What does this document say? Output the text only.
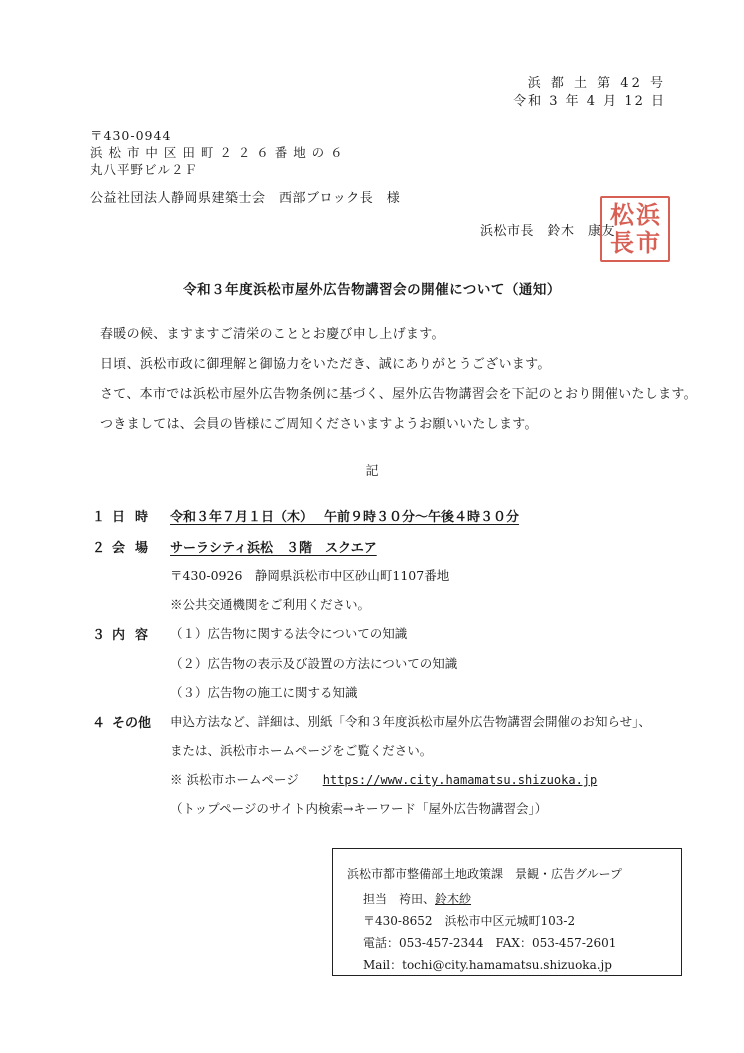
浜 都 土 第 42 号
令和 3 年 4 月 12 日
〒430-0944
浜 松 市 中 区 田 町 ２ ２ ６ 番 地 の ６
丸八平野ビル２Ｆ
公益社団法人静岡県建築士会　西部ブロック長　様
浜松市長　鈴木　康友
浜
市
松
長
令和３年度浜松市屋外広告物講習会の開催について（通知）
春暖の候、ますますご清栄のこととお慶び申し上げます。
日頃、浜松市政に御理解と御協力をいただき、誠にありがとうございます。
さて、本市では浜松市屋外広告物条例に基づく、屋外広告物講習会を下記のとおり開催いたします。
つきましては、会員の皆様にご周知くださいますようお願いいたします。
記
１ 日時 令和３年７月１日（木）　 午前９時３０分～午後４時３０分
２ 会場 サーラシティ浜松　３階　スクエア
〒430-0926　静岡県浜松市中区砂山町1107番地
※公共交通機関をご利用ください。
３ 内容 （１）広告物に関する法令についての知識
（２）広告物の表示及び設置の方法についての知識
（３）広告物の施工に関する知識
４ その他 申込方法など、詳細は、別紙「令和３年度浜松市屋外広告物講習会開催のお知らせ」、
または、浜松市ホームページをご覧ください。
※ 浜松市ホームページ https://www.city.hamamatsu.shizuoka.jp
（トップページのサイト内検索→キーワード「屋外広告物講習会」）
浜松市都市整備部土地政策課　景観・広告グループ
担当　袴田、鈴木紗
〒430-8652　浜松市中区元城町103-2
電話：053-457-2344　FAX：053-457-2601
Mail：tochi@city.hamamatsu.shizuoka.jp
